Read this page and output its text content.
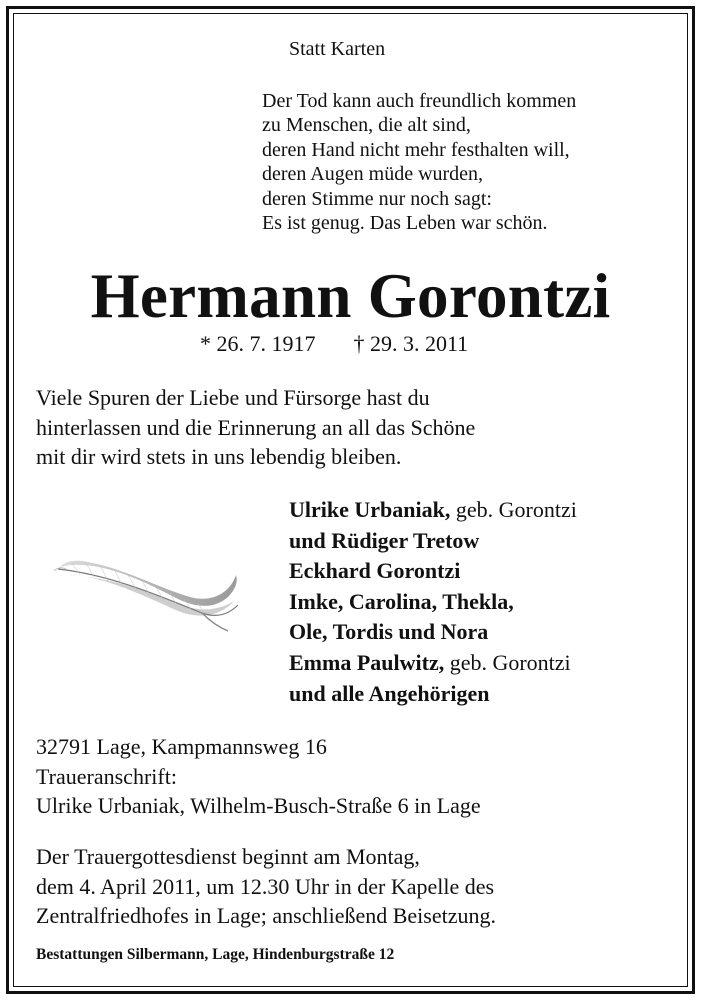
Statt Karten
Der Tod kann auch freundlich kommen
zu Menschen, die alt sind,
deren Hand nicht mehr festhalten will,
deren Augen müde wurden,
deren Stimme nur noch sagt:
Es ist genug. Das Leben war schön.
Hermann Gorontzi
* 26. 7. 1917 † 29. 3. 2011
Viele Spuren der Liebe und Fürsorge hast du
hinterlassen und die Erinnerung an all das Schöne
mit dir wird stets in uns lebendig bleiben.
Ulrike Urbaniak, geb. Gorontzi
und Rüdiger Tretow
Eckhard Gorontzi
Imke, Carolina, Thekla,
Ole, Tordis und Nora
Emma Paulwitz, geb. Gorontzi
und alle Angehörigen
32791 Lage, Kampmannsweg 16
Traueranschrift:
Ulrike Urbaniak, Wilhelm-Busch-Straße 6 in Lage
Der Trauergottesdienst beginnt am Montag,
dem 4. April 2011, um 12.30 Uhr in der Kapelle des
Zentralfriedhofes in Lage; anschließend Beisetzung.
Bestattungen Silbermann, Lage, Hindenburgstraße 12
